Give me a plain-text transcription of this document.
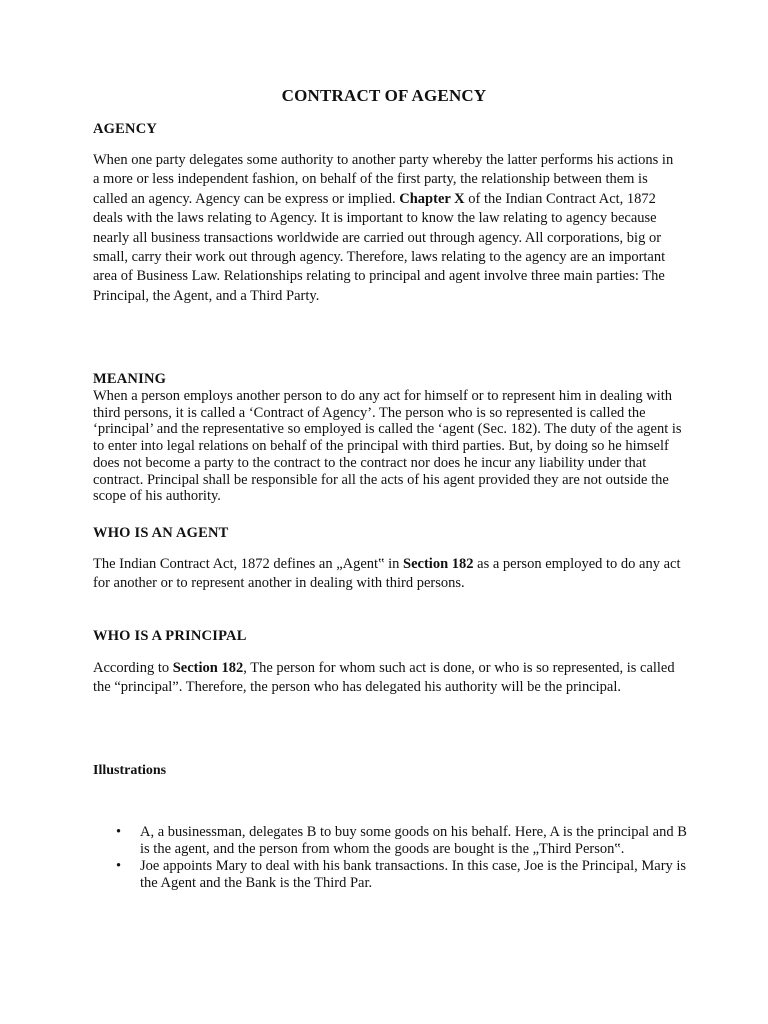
CONTRACT OF AGENCY
AGENCY
When one party delegates some authority to another party whereby the latter performs his actions in a more or less independent fashion, on behalf of the first party, the relationship between them is called an agency. Agency can be express or implied. Chapter X of the Indian Contract Act, 1872 deals with the laws relating to Agency. It is important to know the law relating to agency because nearly all business transactions worldwide are carried out through agency. All corporations, big or small, carry their work out through agency. Therefore, laws relating to the agency are an important area of Business Law. Relationships relating to principal and agent involve three main parties: The Principal, the Agent, and a Third Party.
MEANING
When a person employs another person to do any act for himself or to represent him in dealing with third persons, it is called a ‘Contract of Agency’. The person who is so represented is called the ‘principal’ and the representative so employed is called the ‘agent (Sec. 182). The duty of the agent is to enter into legal relations on behalf of the principal with third parties. But, by doing so he himself does not become a party to the contract to the contract nor does he incur any liability under that contract. Principal shall be responsible for all the acts of his agent provided they are not outside the scope of his authority.
WHO IS AN AGENT
The Indian Contract Act, 1872 defines an „Agent‟ in Section 182 as a person employed to do any act for another or to represent another in dealing with third persons.
WHO IS A PRINCIPAL
According to Section 182, The person for whom such act is done, or who is so represented, is called the “principal”. Therefore, the person who has delegated his authority will be the principal.
Illustrations
• A, a businessman, delegates B to buy some goods on his behalf. Here, A is the principal and B is the agent, and the person from whom the goods are bought is the „Third Person‟.
• Joe appoints Mary to deal with his bank transactions. In this case, Joe is the Principal, Mary is the Agent and the Bank is the Third Par.
